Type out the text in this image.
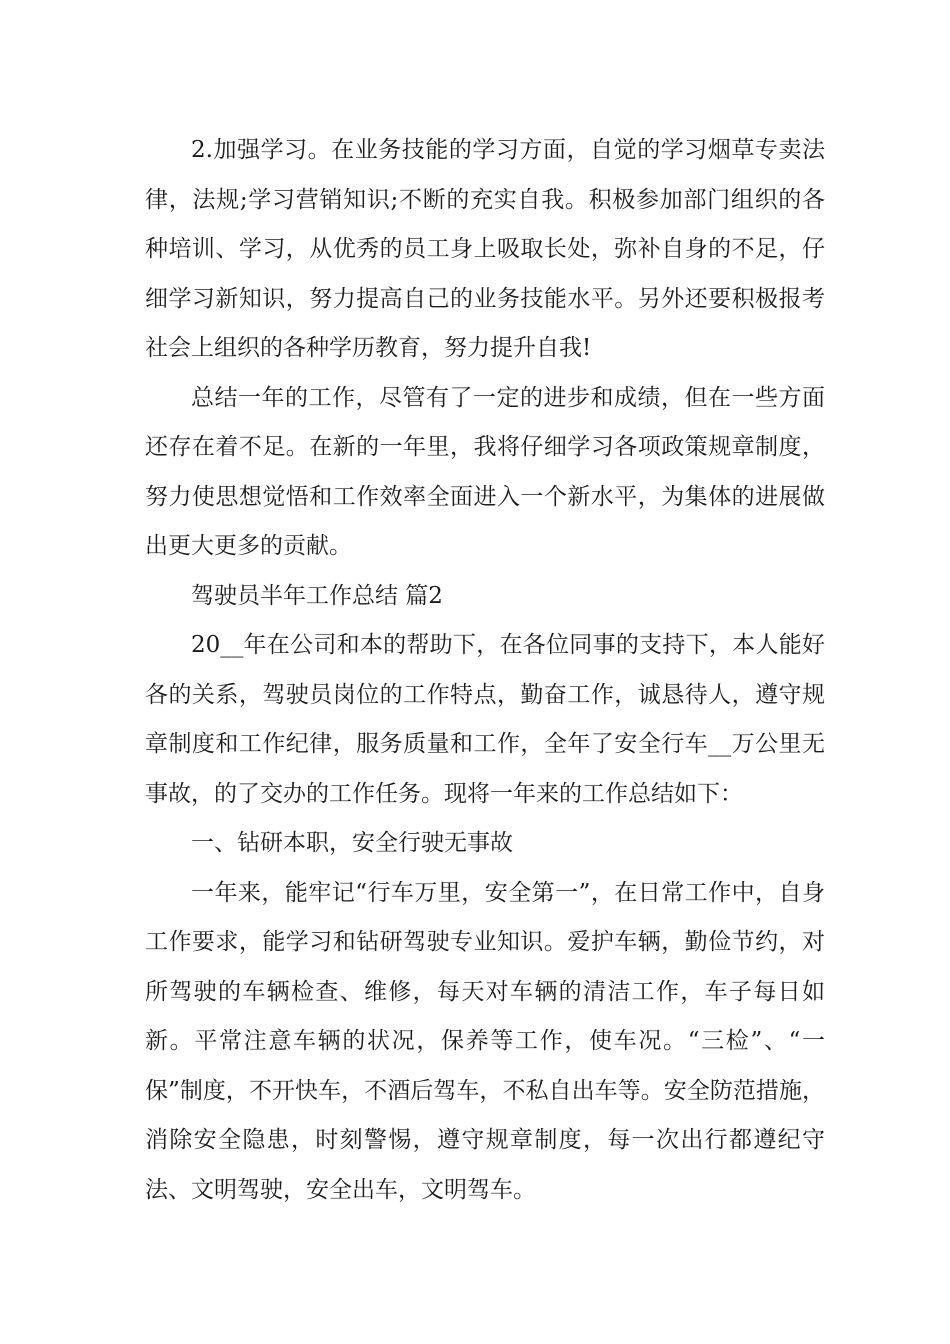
2.加强学习。在业务技能的学习方面，自觉的学习烟草专卖法律，法规;学习营销知识;不断的充实自我。积极参加部门组织的各种培训、学习，从优秀的员工身上吸取长处，弥补自身的不足，仔细学习新知识，努力提高自己的业务技能水平。另外还要积极报考社会上组织的各种学历教育，努力提升自我!

总结一年的工作，尽管有了一定的进步和成绩，但在一些方面还存在着不足。在新的一年里，我将仔细学习各项政策规章制度，努力使思想觉悟和工作效率全面进入一个新水平，为集体的进展做出更大更多的贡献。

驾驶员半年工作总结 篇2

20__年在公司和本的帮助下，在各位同事的支持下，本人能好各的关系，驾驶员岗位的工作特点，勤奋工作，诚恳待人，遵守规章制度和工作纪律，服务质量和工作，全年了安全行车__万公里无事故，的了交办的工作任务。现将一年来的工作总结如下：

一、钻研本职，安全行驶无事故

一年来，能牢记“行车万里，安全第一”，在日常工作中，自身工作要求，能学习和钻研驾驶专业知识。爱护车辆，勤俭节约，对所驾驶的车辆检查、维修，每天对车辆的清洁工作，车子每日如新。平常注意车辆的状况，保养等工作，使车况。“三检”、“一保”制度，不开快车，不酒后驾车，不私自出车等。安全防范措施，消除安全隐患，时刻警惕，遵守规章制度，每一次出行都遵纪守法、文明驾驶，安全出车，文明驾车。
